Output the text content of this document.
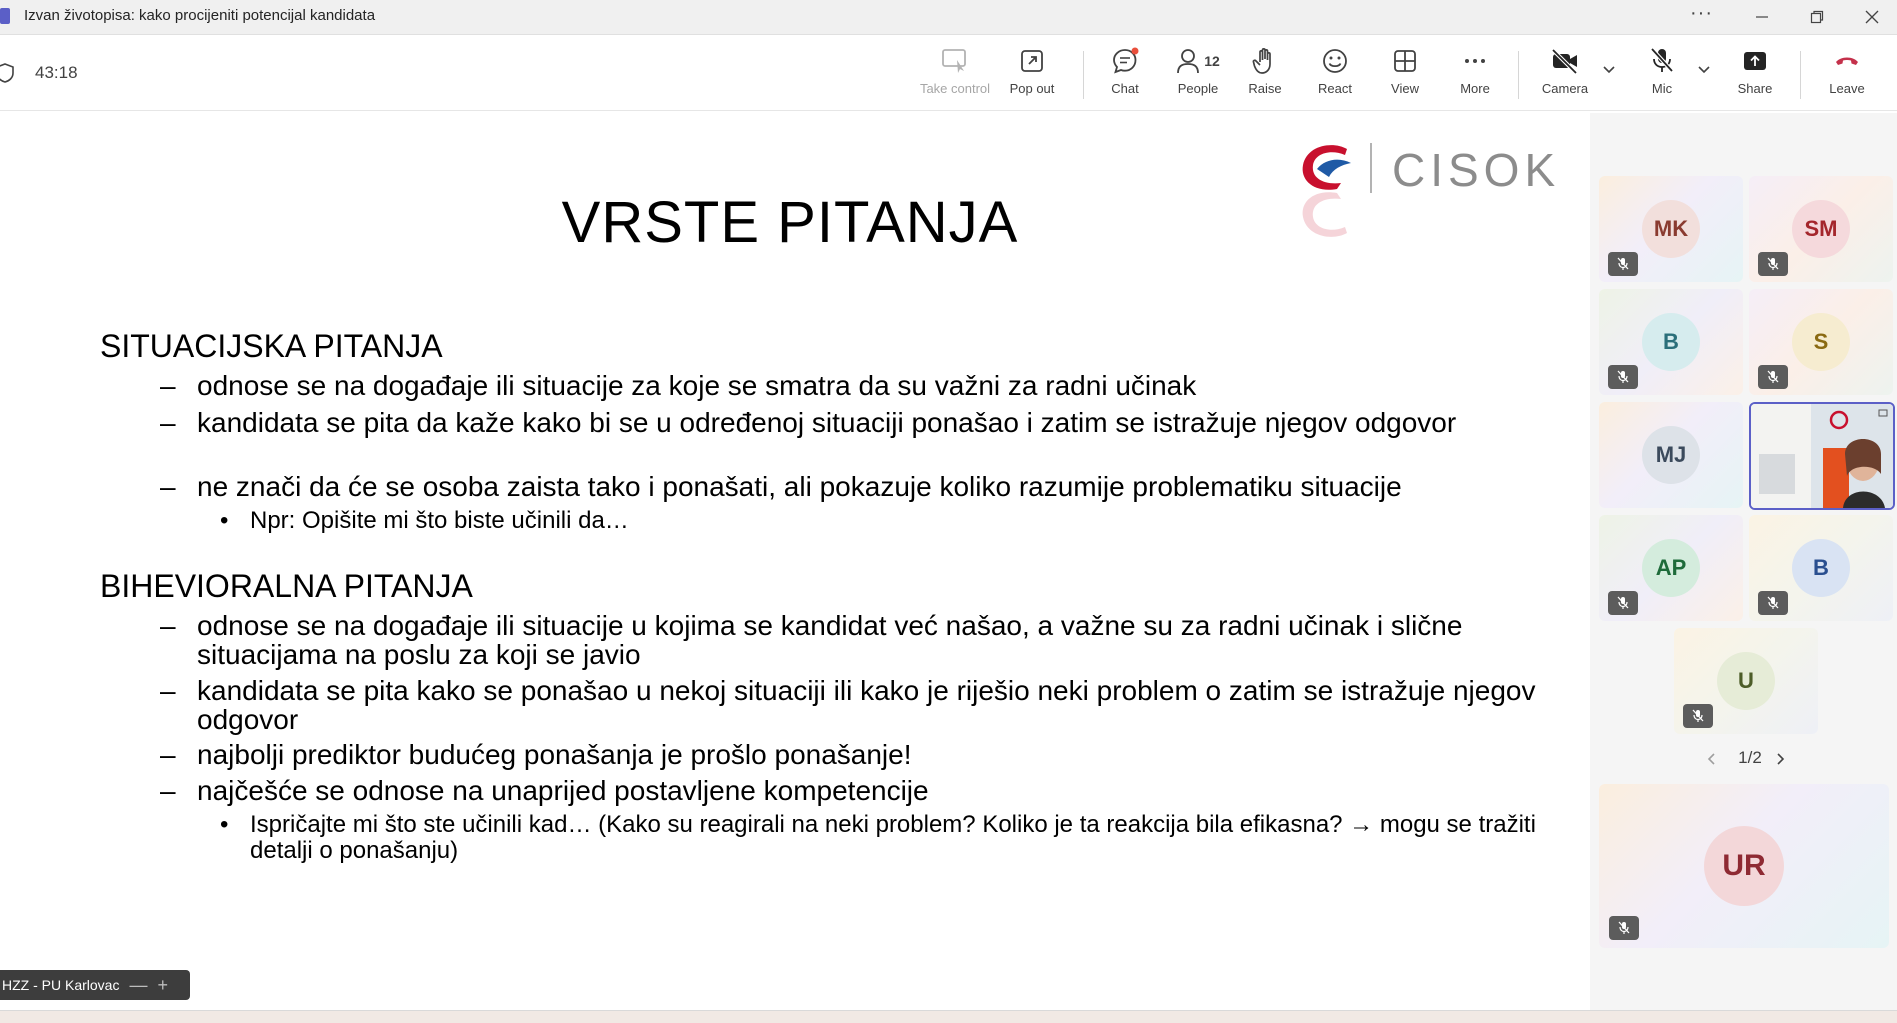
Izvan životopisa: kako procijeniti potencijal kandidata	···
43:18
Take control Pop out	Chat
12
People Raise	React	View	More	Camera	Mic	Share	Leave
CISOK
VRSTE PITANJA
SITUACIJSKA PITANJA
– odnose se na događaje ili situacije za koje se smatra da su važni za radni učinak
– kandidata se pita da kaže kako bi se u određenoj situaciji ponašao i zatim se istražuje njegov odgovor
– ne znači da će se osoba zaista tako i ponašati, ali pokazuje koliko razumije problematiku situacije
• Npr: Opišite mi što biste učinili da…
BIHEVIORALNA PITANJA
– odnose se na događaje ili situacije u kojima se kandidat već našao, a važne su za radni učinak i slične situacijama na poslu za koji se javio
– kandidata se pita kako se ponašao u nekoj situaciji ili kako je riješio neki problem o zatim se istražuje njegov odgovor
– najbolji prediktor budućeg ponašanja je prošlo ponašanje!
– najčešće se odnose na unaprijed postavljene kompetencije
• Ispričajte mi što ste učinili kad… (Kako su reagirali na neki problem? Koliko je ta reakcija bila efikasna? → mogu se tražiti detalji o ponašanju)
HZZ - PU Karlovac — +
MK	SM
B	S
MJ
AP	B
U
1/2
UR
